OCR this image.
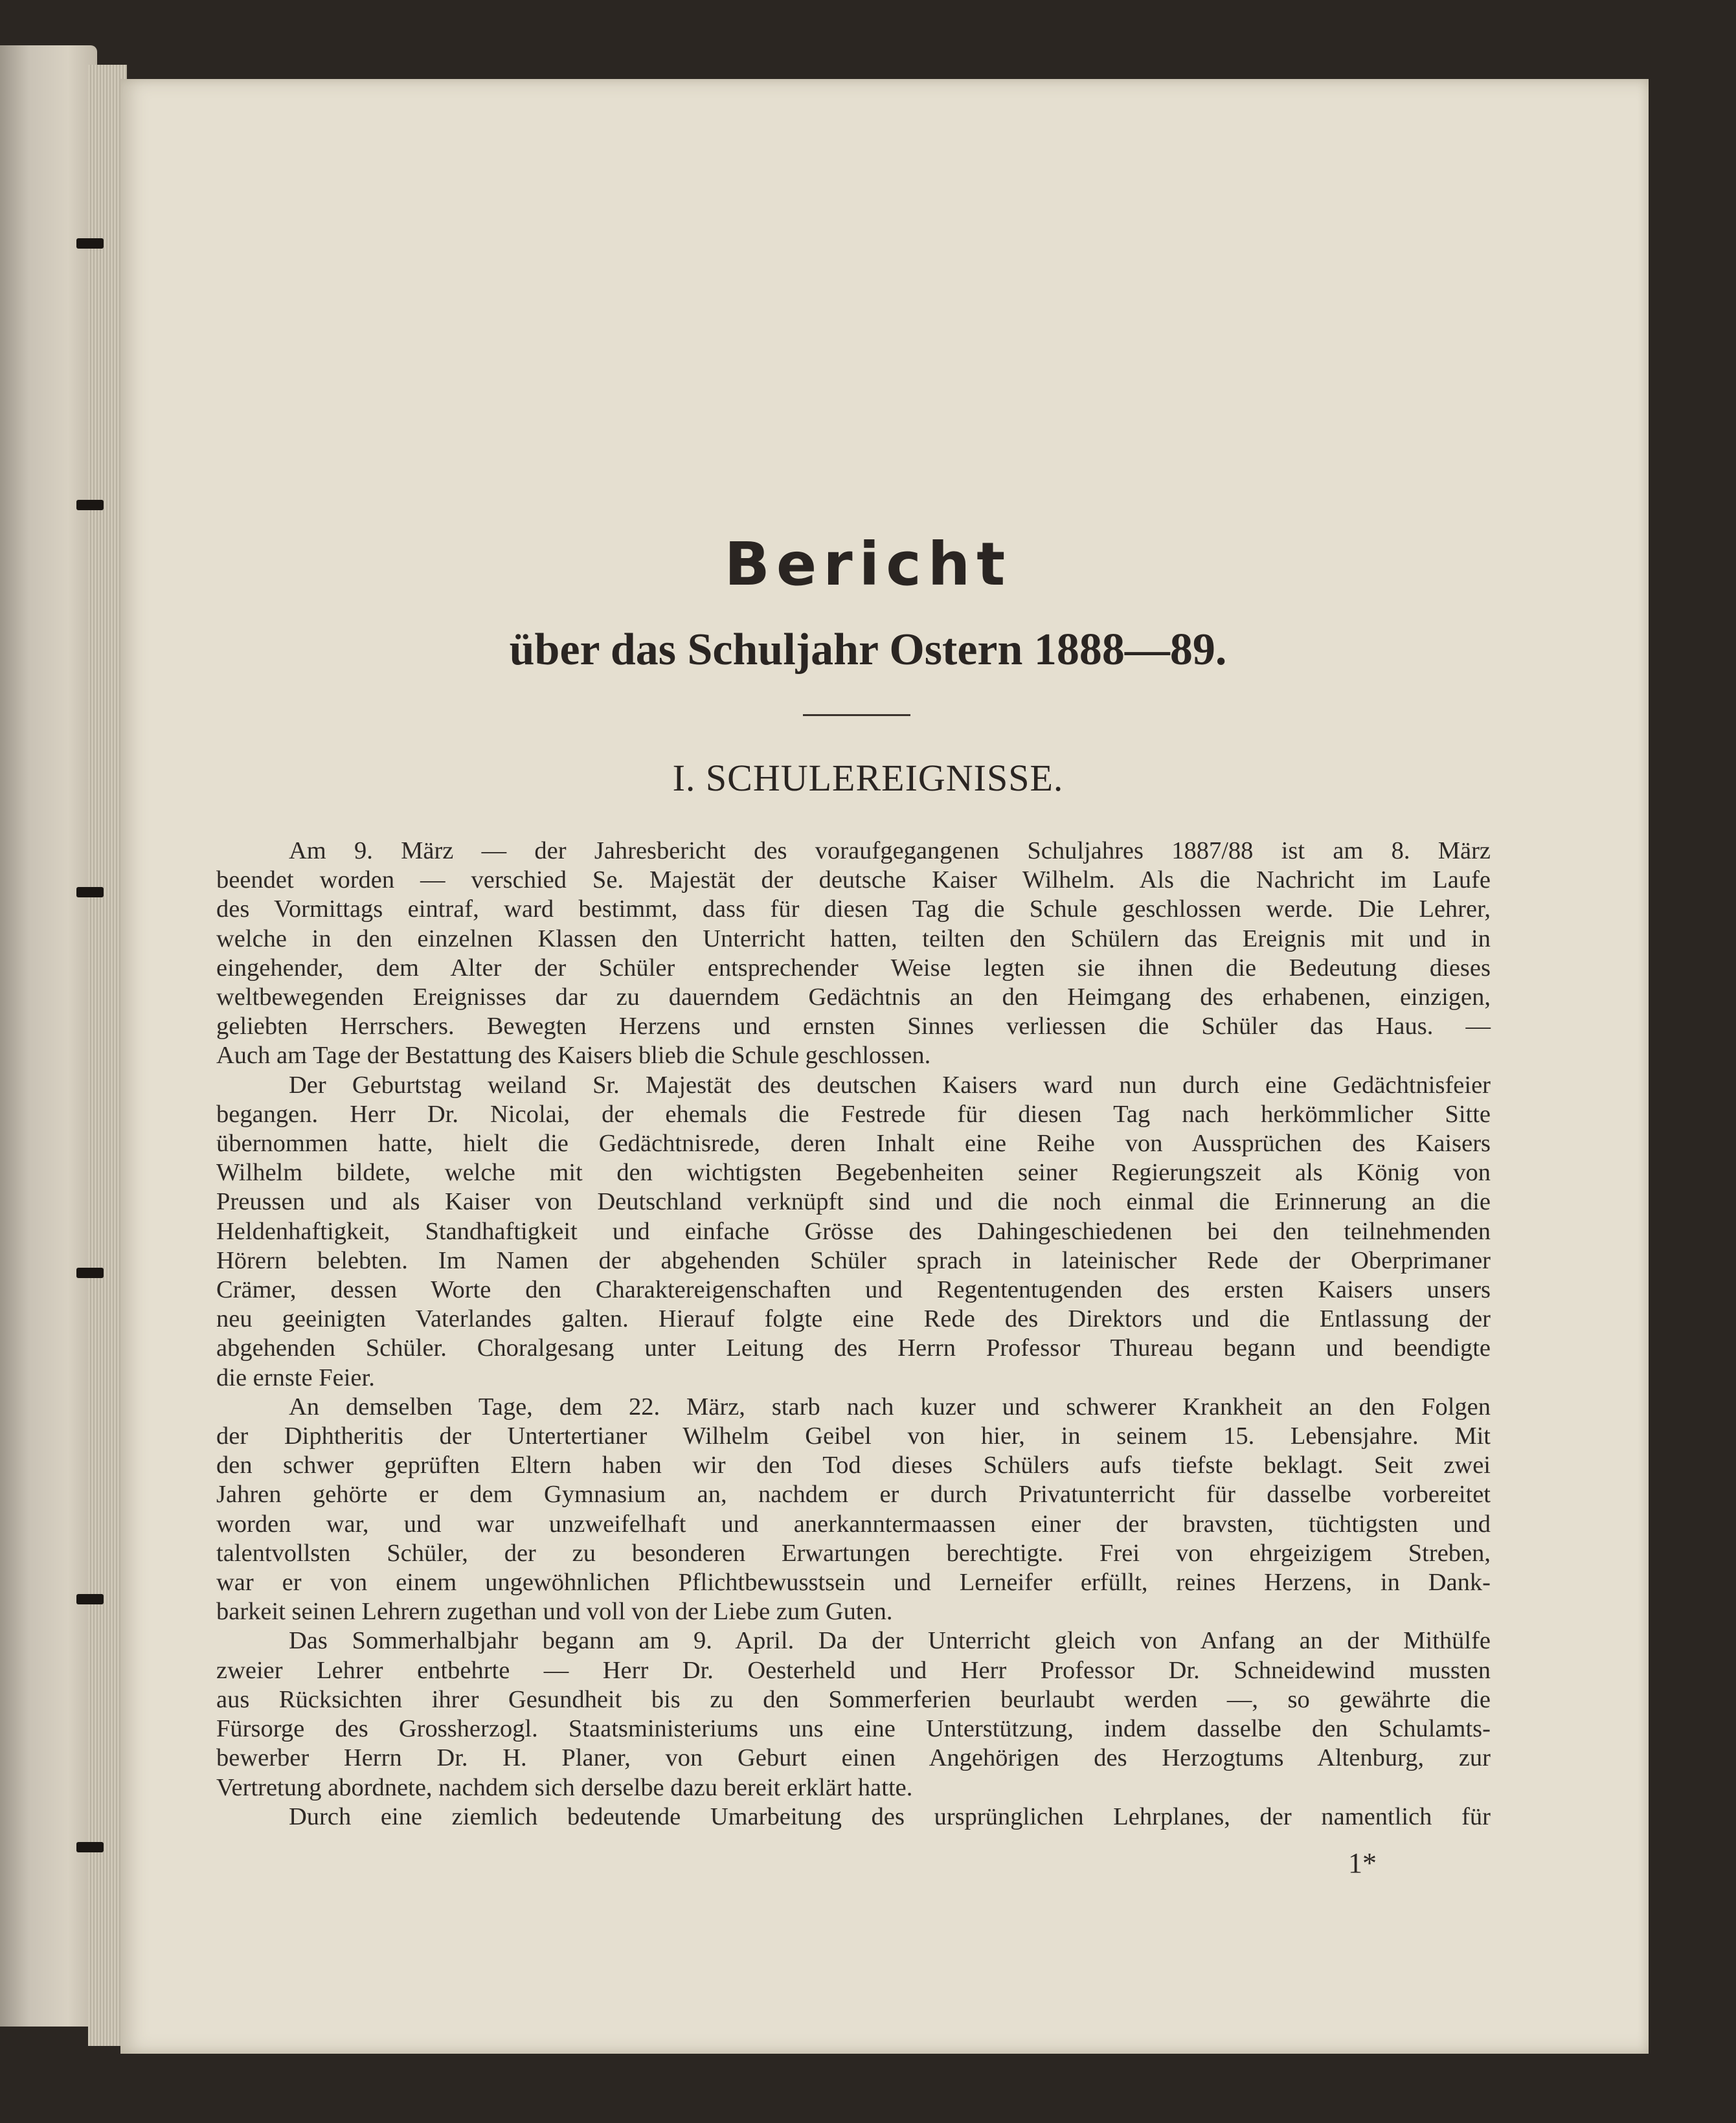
Bericht
über das Schuljahr Ostern 1888—89.
I. SCHULEREIGNISSE.
Am 9. März — der Jahresbericht des voraufgegangenen Schuljahres 1887/88 ist am 8. März
beendet worden — verschied Se. Majestät der deutsche Kaiser Wilhelm. Als die Nachricht im Laufe
des Vormittags eintraf, ward bestimmt, dass für diesen Tag die Schule geschlossen werde. Die Lehrer,
welche in den einzelnen Klassen den Unterricht hatten, teilten den Schülern das Ereignis mit und in
eingehender, dem Alter der Schüler entsprechender Weise legten sie ihnen die Bedeutung dieses
weltbewegenden Ereignisses dar zu dauerndem Gedächtnis an den Heimgang des erhabenen, einzigen,
geliebten Herrschers. Bewegten Herzens und ernsten Sinnes verliessen die Schüler das Haus. —
Auch am Tage der Bestattung des Kaisers blieb die Schule geschlossen.
Der Geburtstag weiland Sr. Majestät des deutschen Kaisers ward nun durch eine Gedächtnisfeier
begangen. Herr Dr. Nicolai, der ehemals die Festrede für diesen Tag nach herkömmlicher Sitte
übernommen hatte, hielt die Gedächtnisrede, deren Inhalt eine Reihe von Aussprüchen des Kaisers
Wilhelm bildete, welche mit den wichtigsten Begebenheiten seiner Regierungszeit als König von
Preussen und als Kaiser von Deutschland verknüpft sind und die noch einmal die Erinnerung an die
Heldenhaftigkeit, Standhaftigkeit und einfache Grösse des Dahingeschiedenen bei den teilnehmenden
Hörern belebten. Im Namen der abgehenden Schüler sprach in lateinischer Rede der Oberprimaner
Crämer, dessen Worte den Charaktereigenschaften und Regententugenden des ersten Kaisers unsers
neu geeinigten Vaterlandes galten. Hierauf folgte eine Rede des Direktors und die Entlassung der
abgehenden Schüler. Choralgesang unter Leitung des Herrn Professor Thureau begann und beendigte
die ernste Feier.
An demselben Tage, dem 22. März, starb nach kuzer und schwerer Krankheit an den Folgen
der Diphtheritis der Untertertianer Wilhelm Geibel von hier, in seinem 15. Lebensjahre. Mit
den schwer geprüften Eltern haben wir den Tod dieses Schülers aufs tiefste beklagt. Seit zwei
Jahren gehörte er dem Gymnasium an, nachdem er durch Privatunterricht für dasselbe vorbereitet
worden war, und war unzweifelhaft und anerkanntermaassen einer der bravsten, tüchtigsten und
talentvollsten Schüler, der zu besonderen Erwartungen berechtigte. Frei von ehrgeizigem Streben,
war er von einem ungewöhnlichen Pflichtbewusstsein und Lerneifer erfüllt, reines Herzens, in Dank-
barkeit seinen Lehrern zugethan und voll von der Liebe zum Guten.
Das Sommerhalbjahr begann am 9. April. Da der Unterricht gleich von Anfang an der Mithülfe
zweier Lehrer entbehrte — Herr Dr. Oesterheld und Herr Professor Dr. Schneidewind mussten
aus Rücksichten ihrer Gesundheit bis zu den Sommerferien beurlaubt werden —, so gewährte die
Fürsorge des Grossherzogl. Staatsministeriums uns eine Unterstützung, indem dasselbe den Schulamts-
bewerber Herrn Dr. H. Planer, von Geburt einen Angehörigen des Herzogtums Altenburg, zur
Vertretung abordnete, nachdem sich derselbe dazu bereit erklärt hatte.
Durch eine ziemlich bedeutende Umarbeitung des ursprünglichen Lehrplanes, der namentlich für
1*
